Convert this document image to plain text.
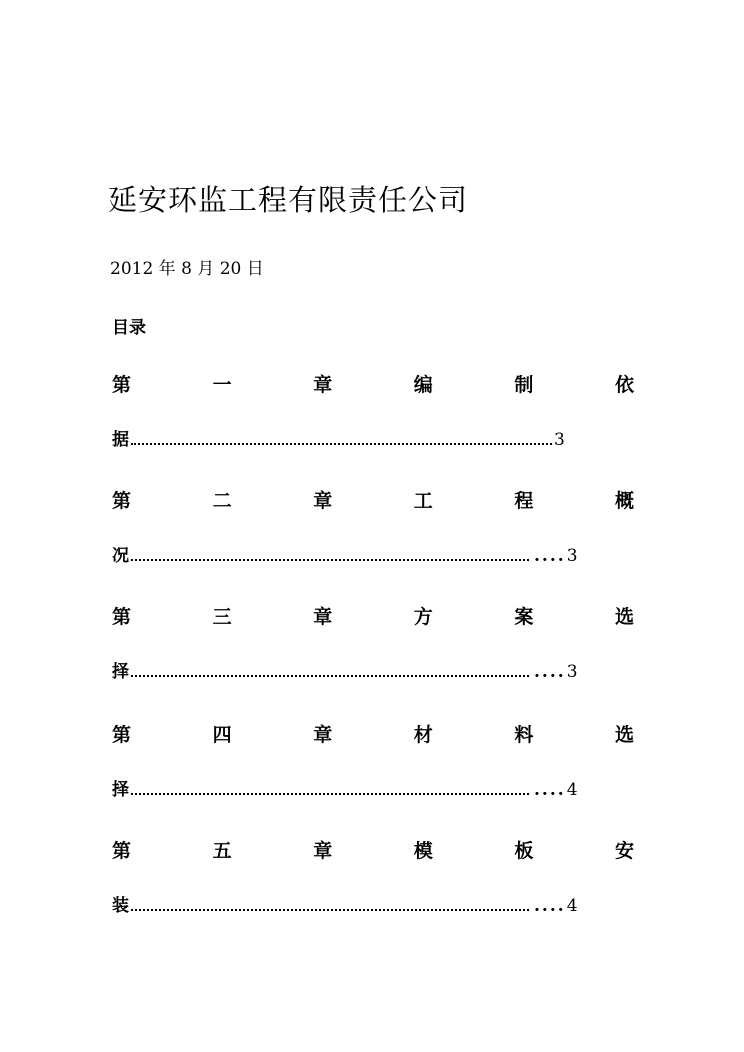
延安环监工程有限责任公司
2012 年 8 月 20 日
目录
第	一	章	编	制	依
据	3
第	二	章	工	程	概
况	.... 3
第	三	章	方	案	选
择	.... 3
第	四	章	材	料	选
择	.... 4
第	五	章	模	板	安
装	.... 4
